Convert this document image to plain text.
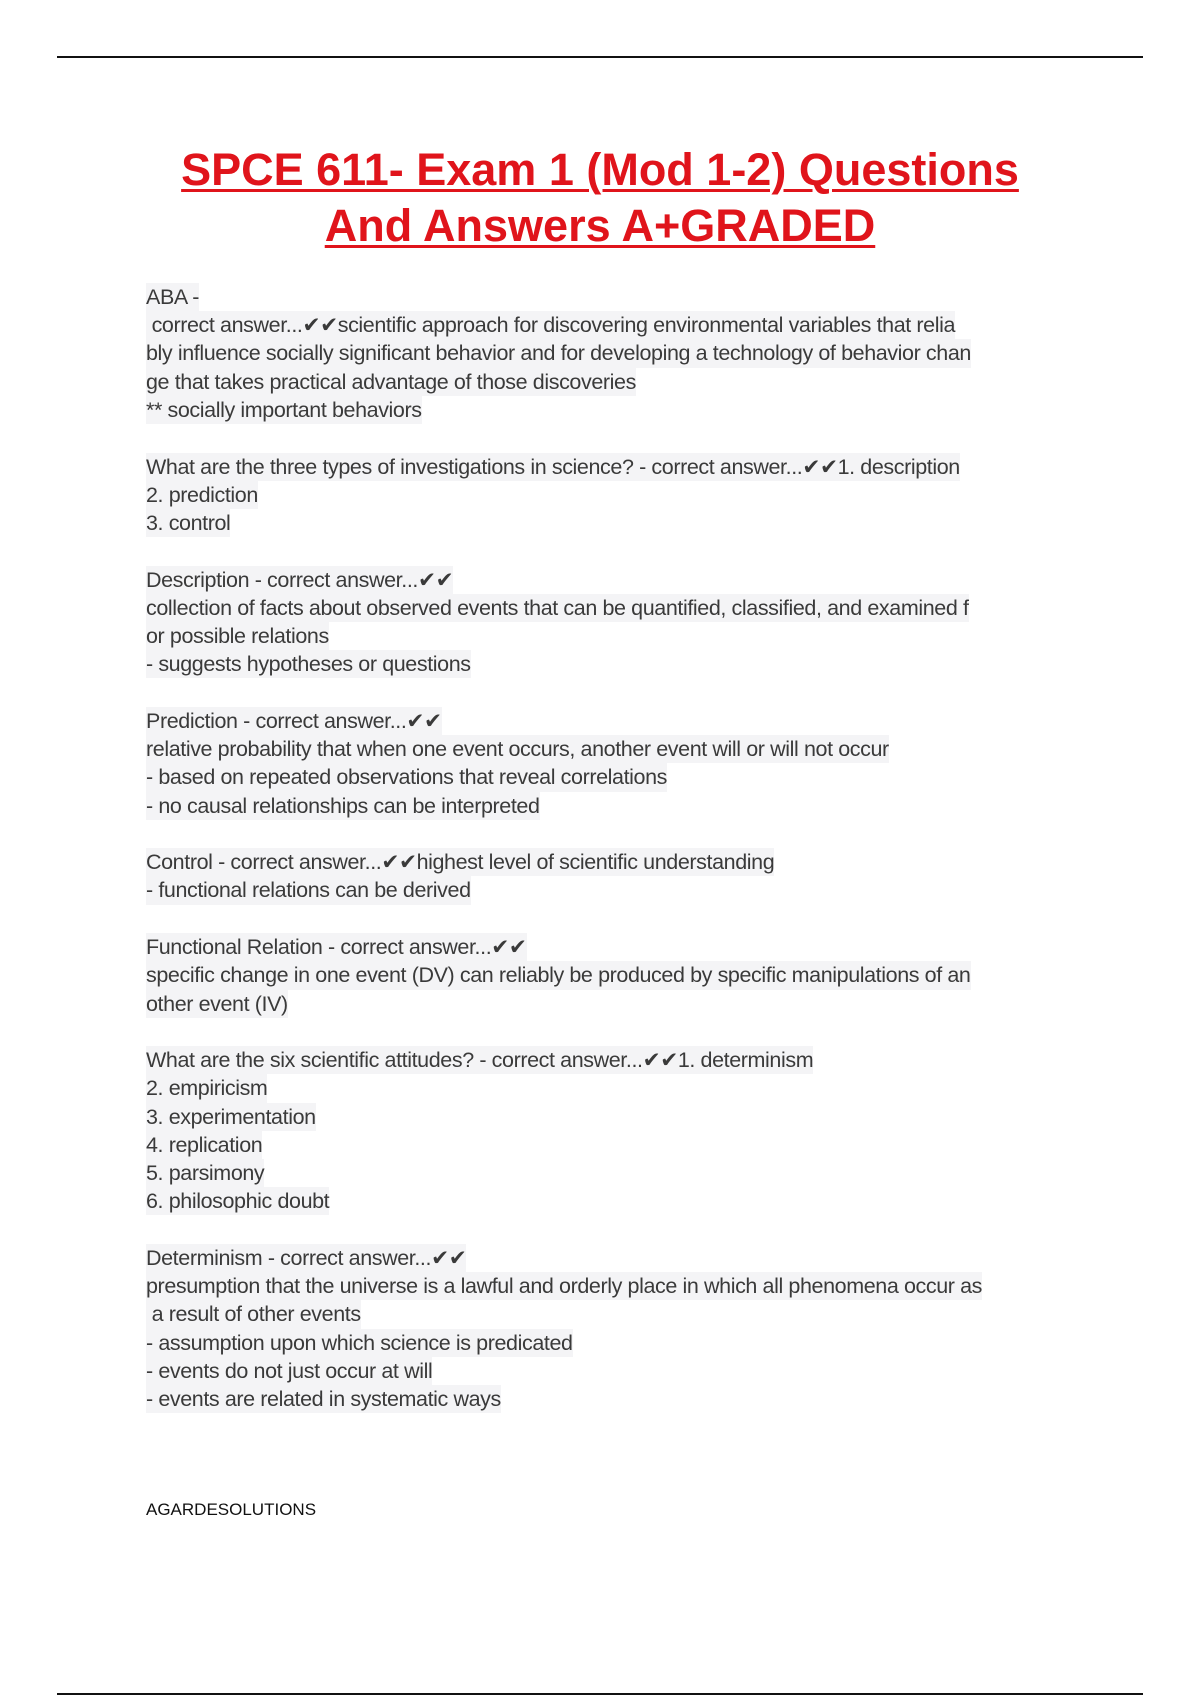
SPCE 611- Exam 1 (Mod 1-2) Questions
And Answers A+GRADED
ABA -
correct answer...✔✔scientific approach for discovering environmental variables that relia
bly influence socially significant behavior and for developing a technology of behavior chan
ge that takes practical advantage of those discoveries
** socially important behaviors
What are the three types of investigations in science? - correct answer...✔✔1. description
2. prediction
3. control
Description - correct answer...✔✔
collection of facts about observed events that can be quantified, classified, and examined f
or possible relations
- suggests hypotheses or questions
Prediction - correct answer...✔✔
relative probability that when one event occurs, another event will or will not occur
- based on repeated observations that reveal correlations
- no causal relationships can be interpreted
Control - correct answer...✔✔highest level of scientific understanding
- functional relations can be derived
Functional Relation - correct answer...✔✔
specific change in one event (DV) can reliably be produced by specific manipulations of an
other event (IV)
What are the six scientific attitudes? - correct answer...✔✔1. determinism
2. empiricism
3. experimentation
4. replication
5. parsimony
6. philosophic doubt
Determinism - correct answer...✔✔
presumption that the universe is a lawful and orderly place in which all phenomena occur as
a result of other events
- assumption upon which science is predicated
- events do not just occur at will
- events are related in systematic ways
AGARDESOLUTIONS
